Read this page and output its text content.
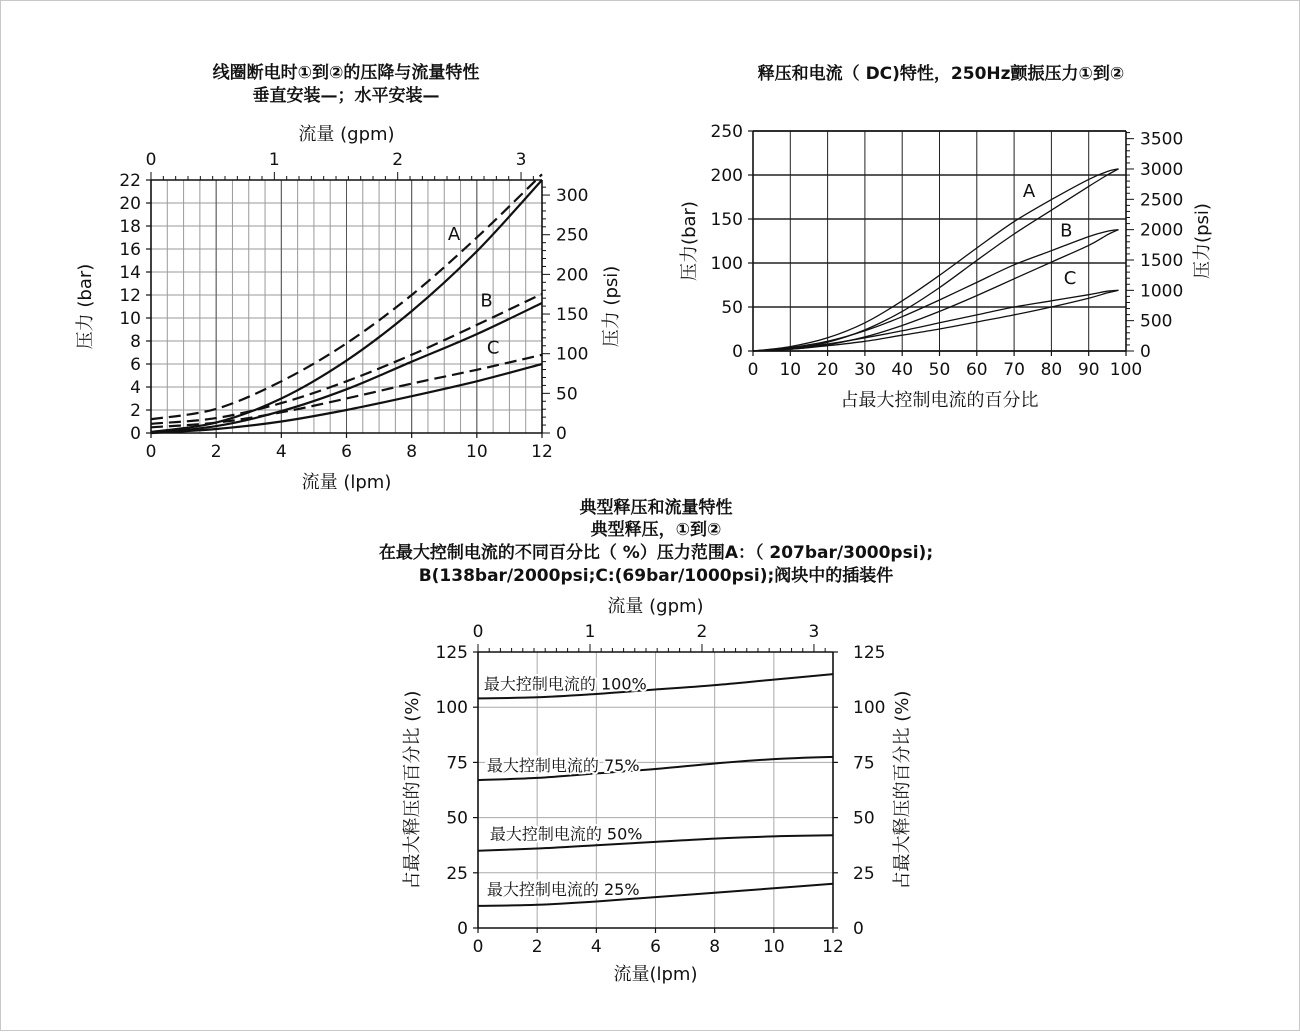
线圈断电时①到②的压降与流量特性
垂直安装—；水平安装—
释压和电流（ DC)特性，250Hz颤振压力①到②
典型释压和流量特性
典型释压，①到②
在最大控制电流的不同百分比（ %）压力范围A：（ 207bar/3000psi);
B(138bar/2000psi;C:(69bar/1000psi);阀块中的插装件
0	2	4	6	8	10	12
0
2
4
6
8
10
12
14
16
18
20
22
0	1	2	3
流量 (gpm)
0
50
100
150
200
250
300
流量 (lpm)
压力 (bar)	压力 (psi)
A
B
C
0 10 20 30 40 50 60 70 80 90 100
0
50
100
150
200
250
0
500
1000
1500
2000
2500
3000
3500
占最大控制电流的百分比
压力(bar)	压力(psi)
A
B
C
0	2	4	6	8	10 12
0
25
50
75
100
125
0	1	2	3
流量 (gpm)
0
25
50
75
100
125
流量(lpm)
占最大释压的百分比 (%)	占最大释压的百分比 (%)
最大控制电流的 100%
最大控制电流的 75%
最大控制电流的 50%
最大控制电流的 25%
